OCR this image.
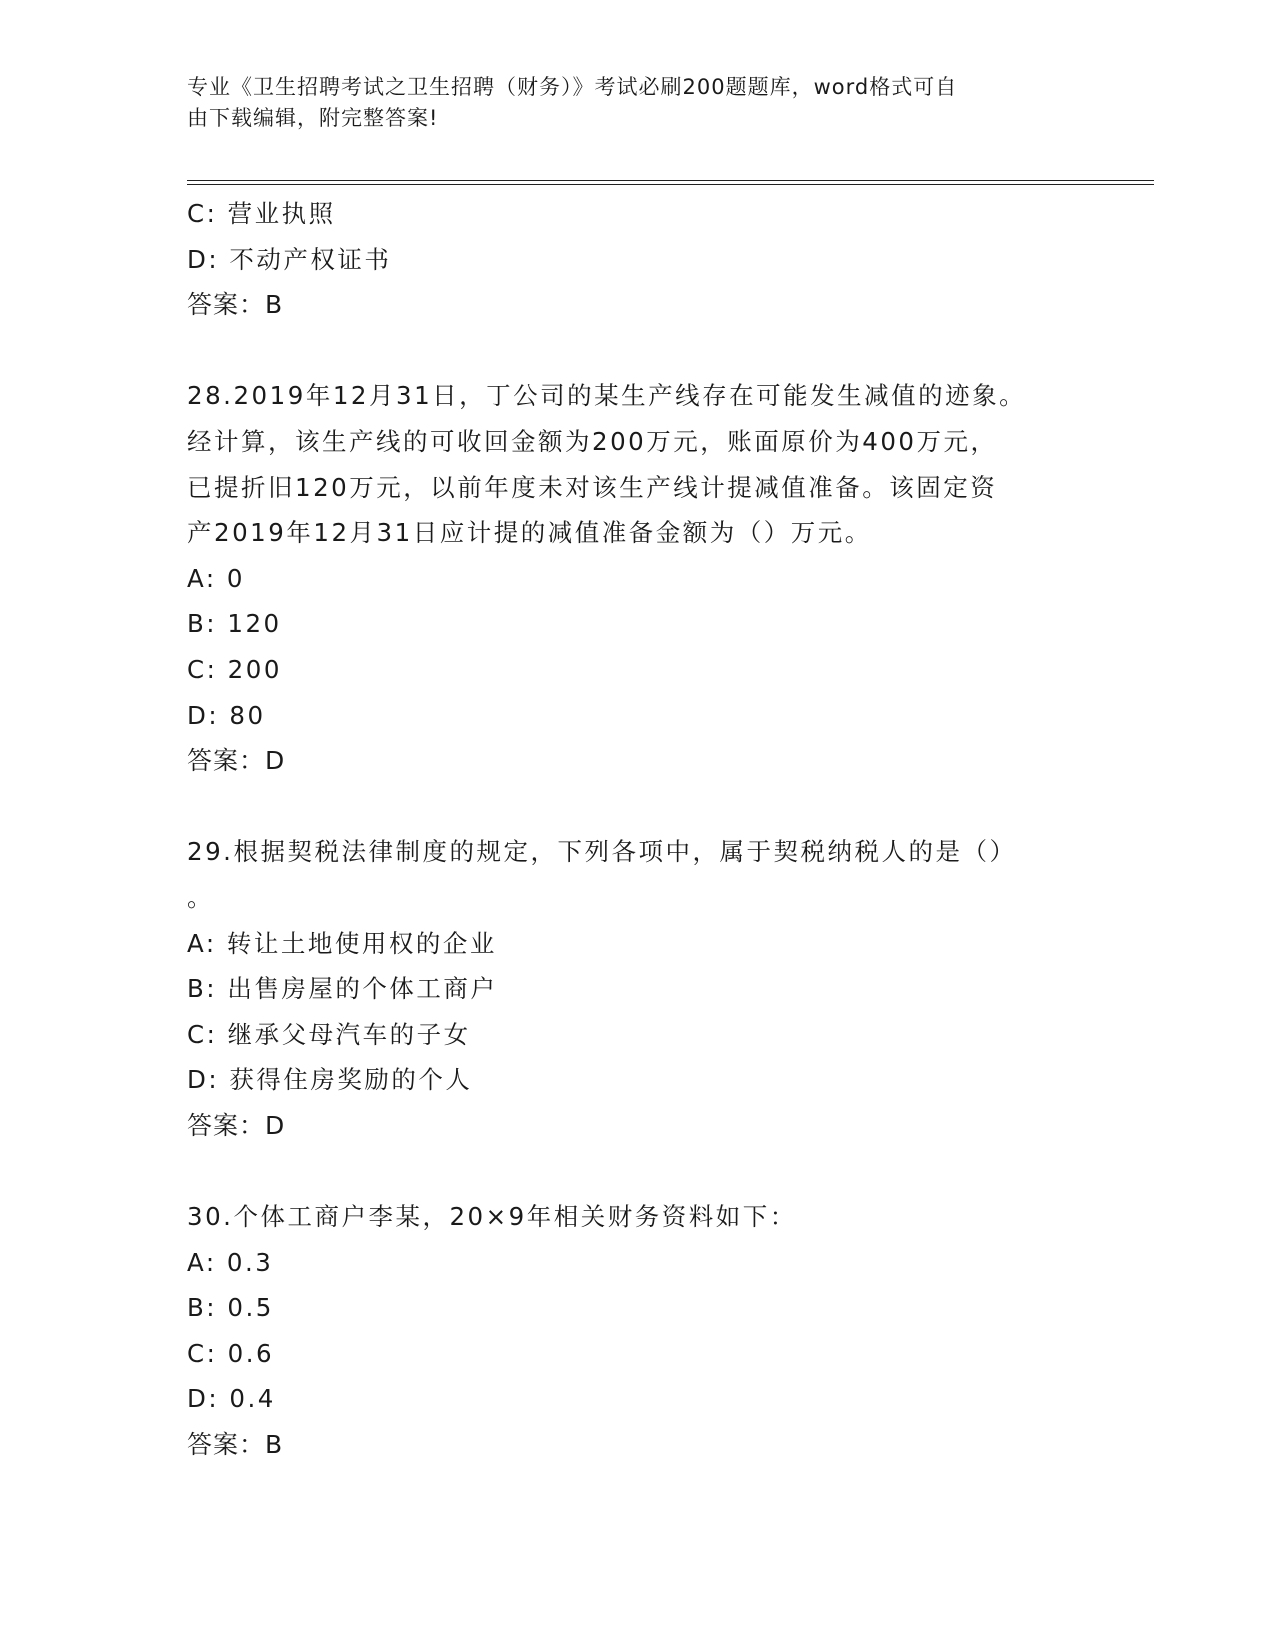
专业《卫生招聘考试之卫生招聘（财务）》考试必刷200题题库，word格式可自
由下载编辑，附完整答案!
C: 营业执照
D: 不动产权证书
答案：B
28.2019年12月31日，丁公司的某生产线存在可能发生减值的迹象。
经计算，该生产线的可收回金额为200万元，账面原价为400万元，
已提折旧120万元，以前年度未对该生产线计提减值准备。该固定资
产2019年12月31日应计提的减值准备金额为（）万元。
A: 0
B: 120
C: 200
D: 80
答案：D
29.根据契税法律制度的规定，下列各项中，属于契税纳税人的是（）
。
A: 转让土地使用权的企业
B: 出售房屋的个体工商户
C: 继承父母汽车的子女
D: 获得住房奖励的个人
答案：D
30.个体工商户李某，20×9年相关财务资料如下：
A: 0.3
B: 0.5
C: 0.6
D: 0.4
答案：B
